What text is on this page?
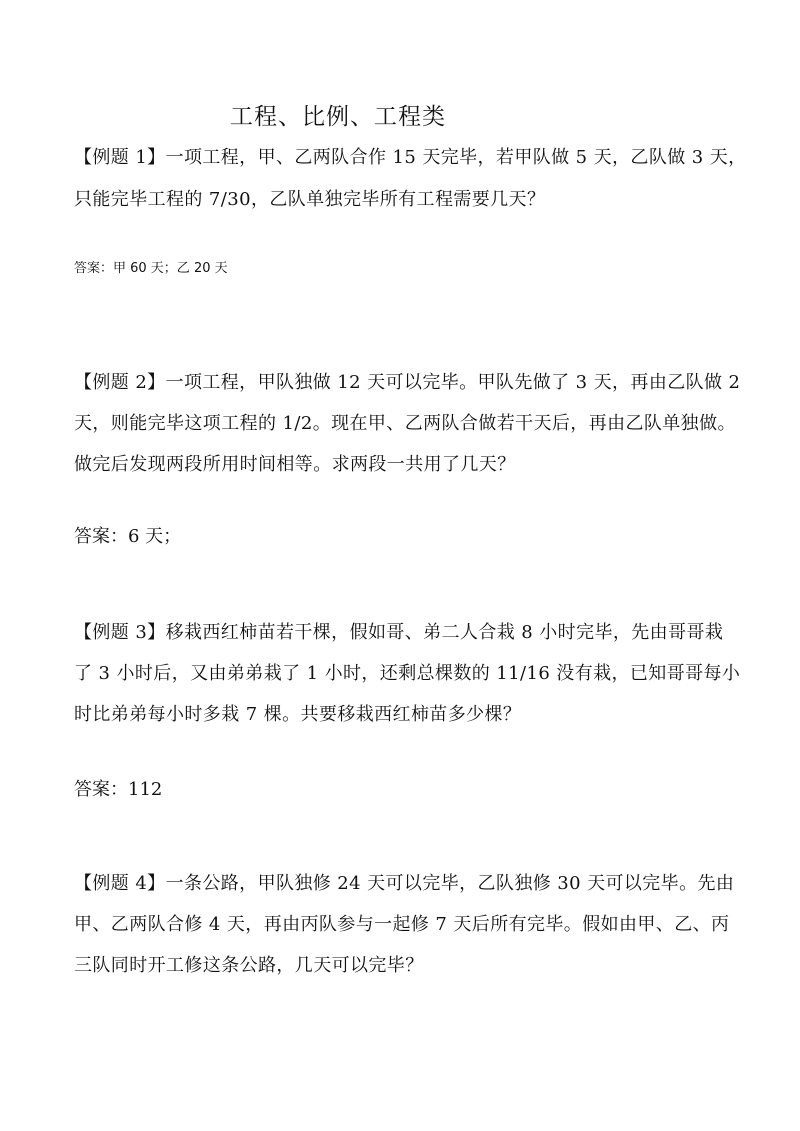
工程、比例、工程类
【例题 1】一项工程，甲、乙两队合作 15 天完毕，若甲队做 5 天，乙队做 3 天，
只能完毕工程的 7/30，乙队单独完毕所有工程需要几天？
答案：甲 60 天；乙 20 天
【例题 2】一项工程，甲队独做 12 天可以完毕。甲队先做了 3 天，再由乙队做 2
天，则能完毕这项工程的 1/2。现在甲、乙两队合做若干天后，再由乙队单独做。
做完后发现两段所用时间相等。求两段一共用了几天？
答案：6 天；
【例题 3】移栽西红柿苗若干棵，假如哥、弟二人合栽 8 小时完毕，先由哥哥栽
了 3 小时后，又由弟弟栽了 1 小时，还剩总棵数的 11/16 没有栽，已知哥哥每小
时比弟弟每小时多栽 7 棵。共要移栽西红柿苗多少棵？
答案：112
【例题 4】一条公路，甲队独修 24 天可以完毕，乙队独修 30 天可以完毕。先由
甲、乙两队合修 4 天，再由丙队参与一起修 7 天后所有完毕。假如由甲、乙、丙
三队同时开工修这条公路，几天可以完毕？
